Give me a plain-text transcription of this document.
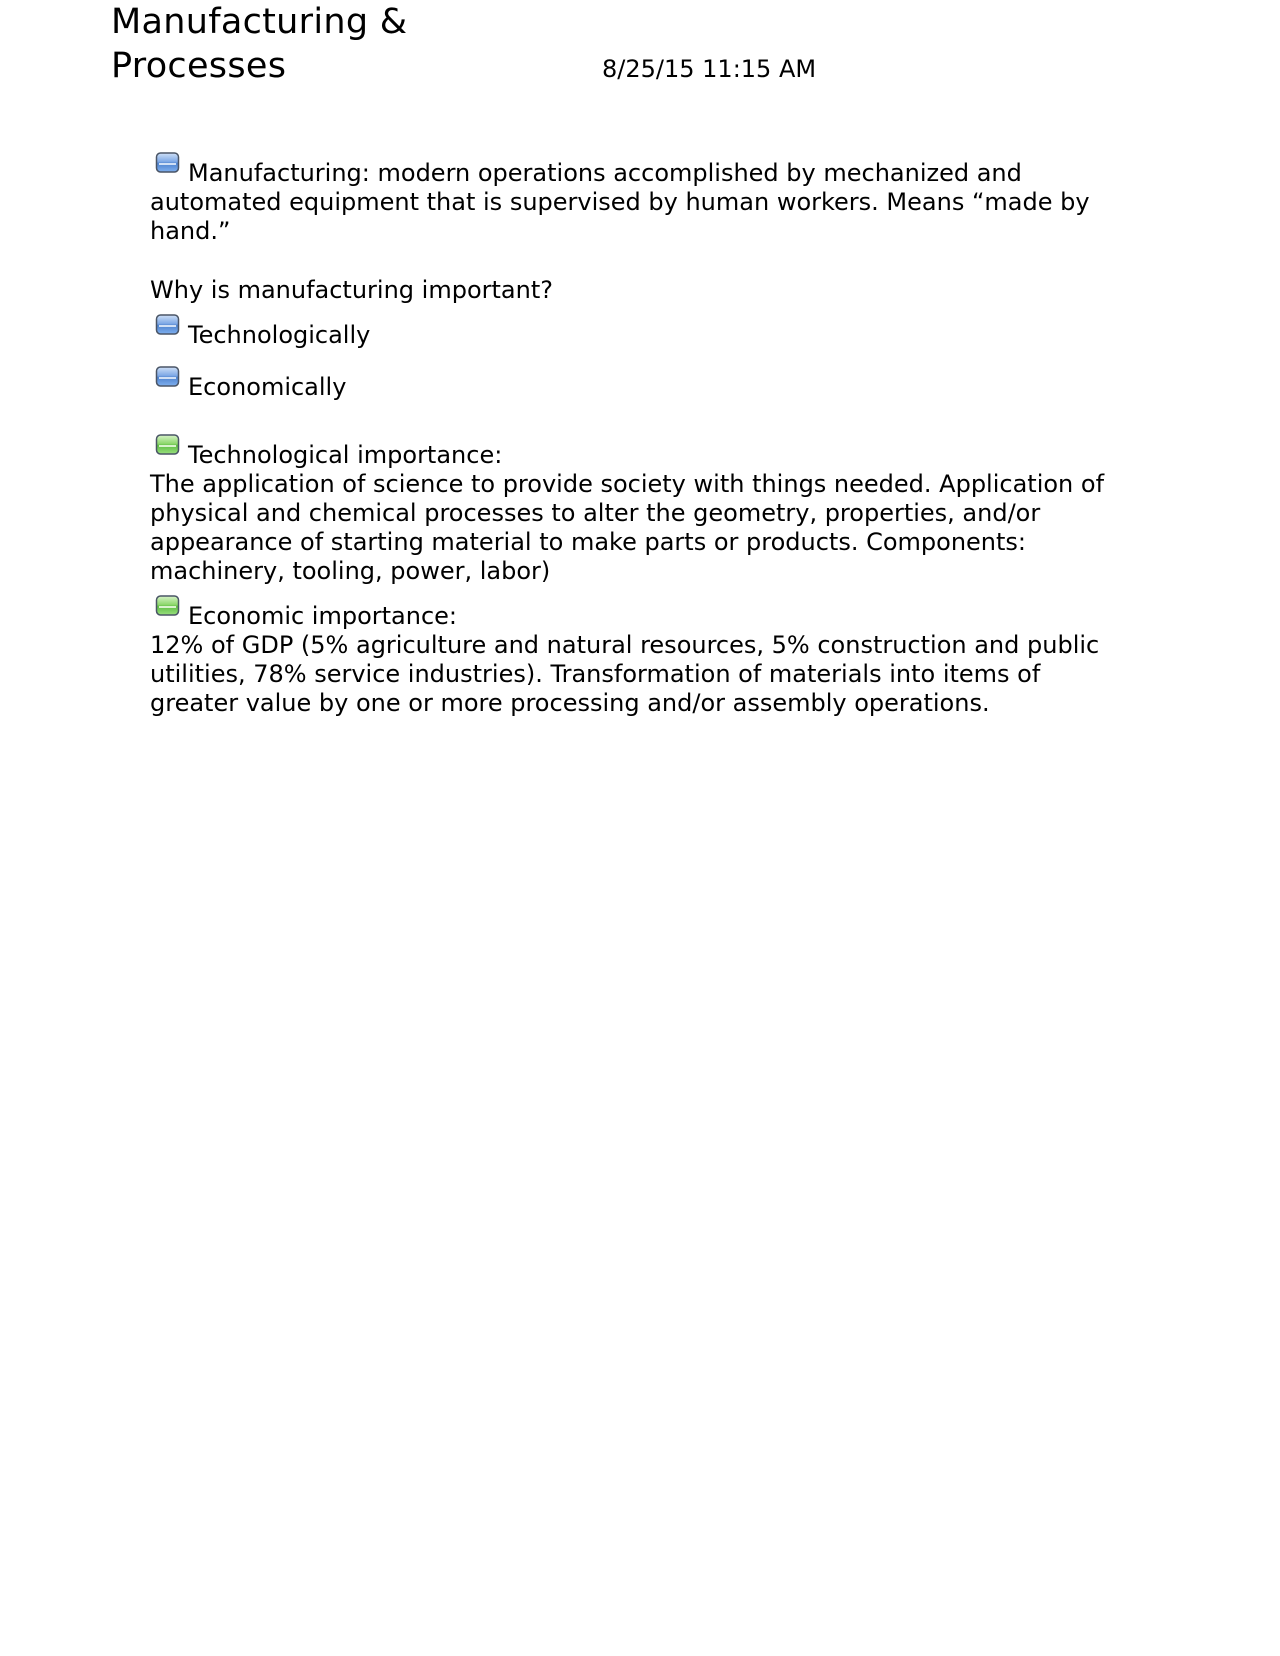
Manufacturing &
Processes	8/25/15 11:15 AM

Manufacturing: modern operations accomplished by mechanized and automated equipment that is supervised by human workers. Means “made by hand.”

Why is manufacturing important?

Technologically

Economically

Technological importance:
The application of science to provide society with things needed. Application of physical and chemical processes to alter the geometry, properties, and/or appearance of starting material to make parts or products. Components: machinery, tooling, power, labor)

Economic importance:
12% of GDP (5% agriculture and natural resources, 5% construction and public utilities, 78% service industries). Transformation of materials into items of greater value by one or more processing and/or assembly operations.
